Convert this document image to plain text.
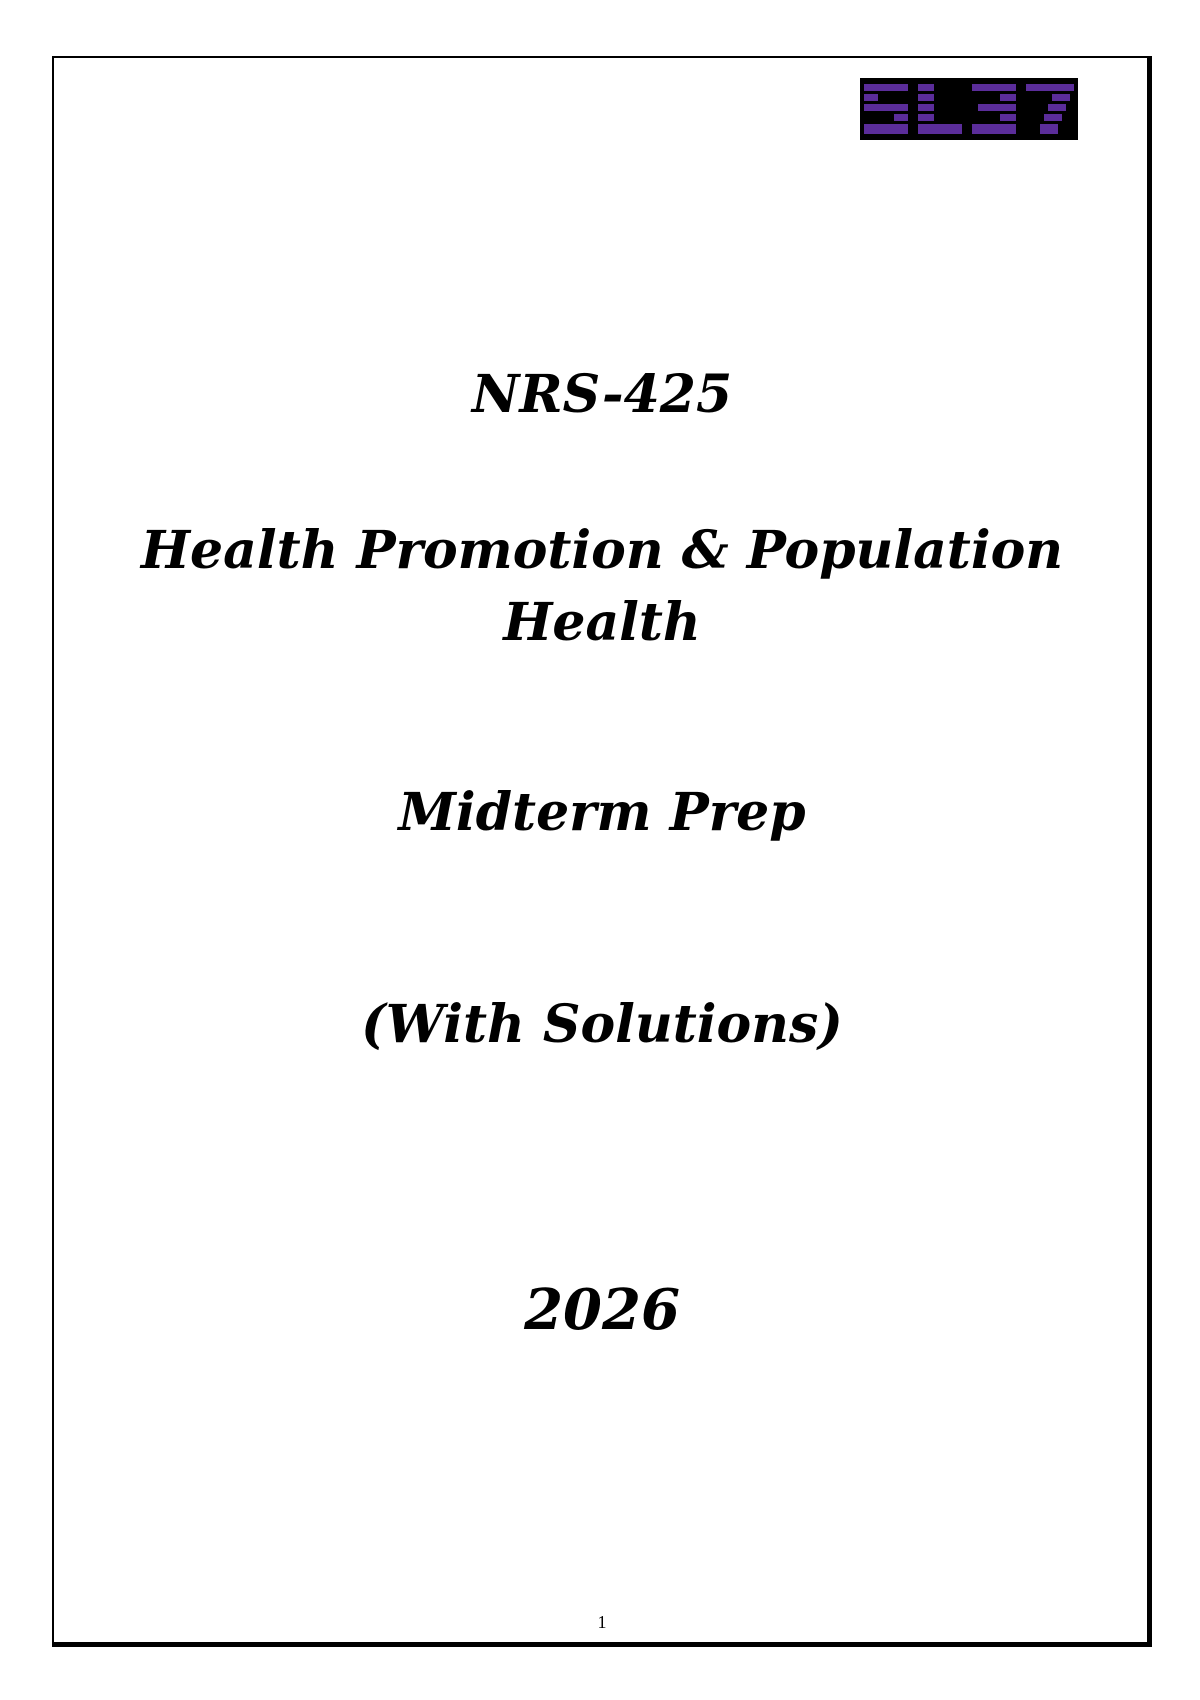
NRS-425
Health Promotion & Population
Health
Midterm Prep
(With Solutions)
2026
1
